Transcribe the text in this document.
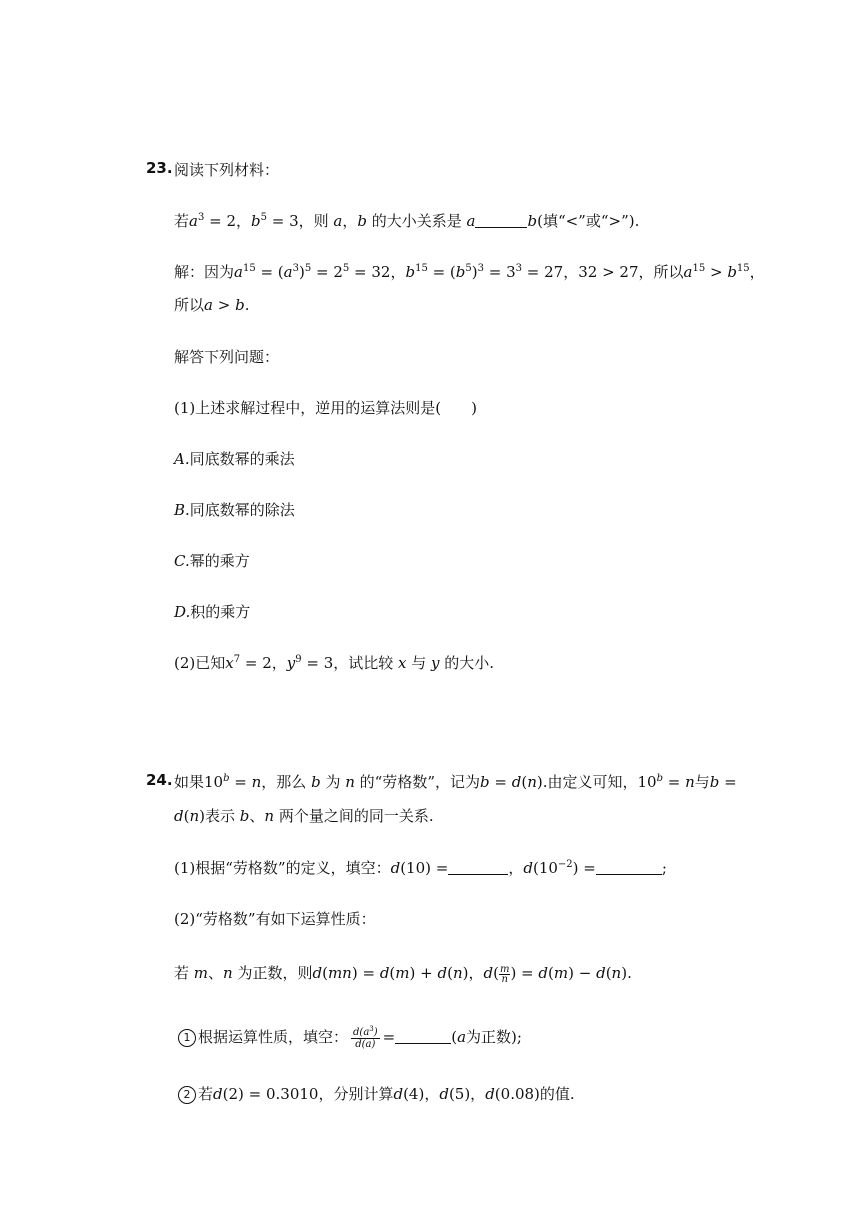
23. 阅读下列材料：
若$a^3 = 2$，$b^5 = 3$，则 a，b 的大小关系是 a	b(填“<”或“>”).
解：因为$a^{15} = (a^3)^5 = 2^5 = 32$，$b^{15} = (b^5)^3 = 3^3 = 27$，32 > 27，所以$a^{15} > b^{15}$，
所以a > b.
解答下列问题：
(1)上述求解过程中，逆用的运算法则是(　　)
A.同底数幂的乘法
B.同底数幂的除法
C.幂的乘方
D.积的乘方
(2)已知$x^7 = 2$，$y^9 = 3$，试比较 x 与 y 的大小.
24. 如果$10^b = n$，那么 b 为 n 的“劳格数”，记为b = d(n).由定义可知，$10^b = n$与b =
d(n)表示 b、n 两个量之间的同一关系.
(1)根据“劳格数”的定义，填空：d(10) =	，$d(10^{-2})$ =	;
(2)“劳格数”有如下运算性质：
若 m、n 为正数，则d(mn) = d(m) + d(n)，$d( \frac{m}{n}$ ) = d(m) − d(n).
1 根据运算性质，填空： $\frac{d(a^3)}{d(a)}$ =	(a为正数);
2 若d(2) = 0.3010，分别计算d(4)，d(5)，d(0.08)的值.
